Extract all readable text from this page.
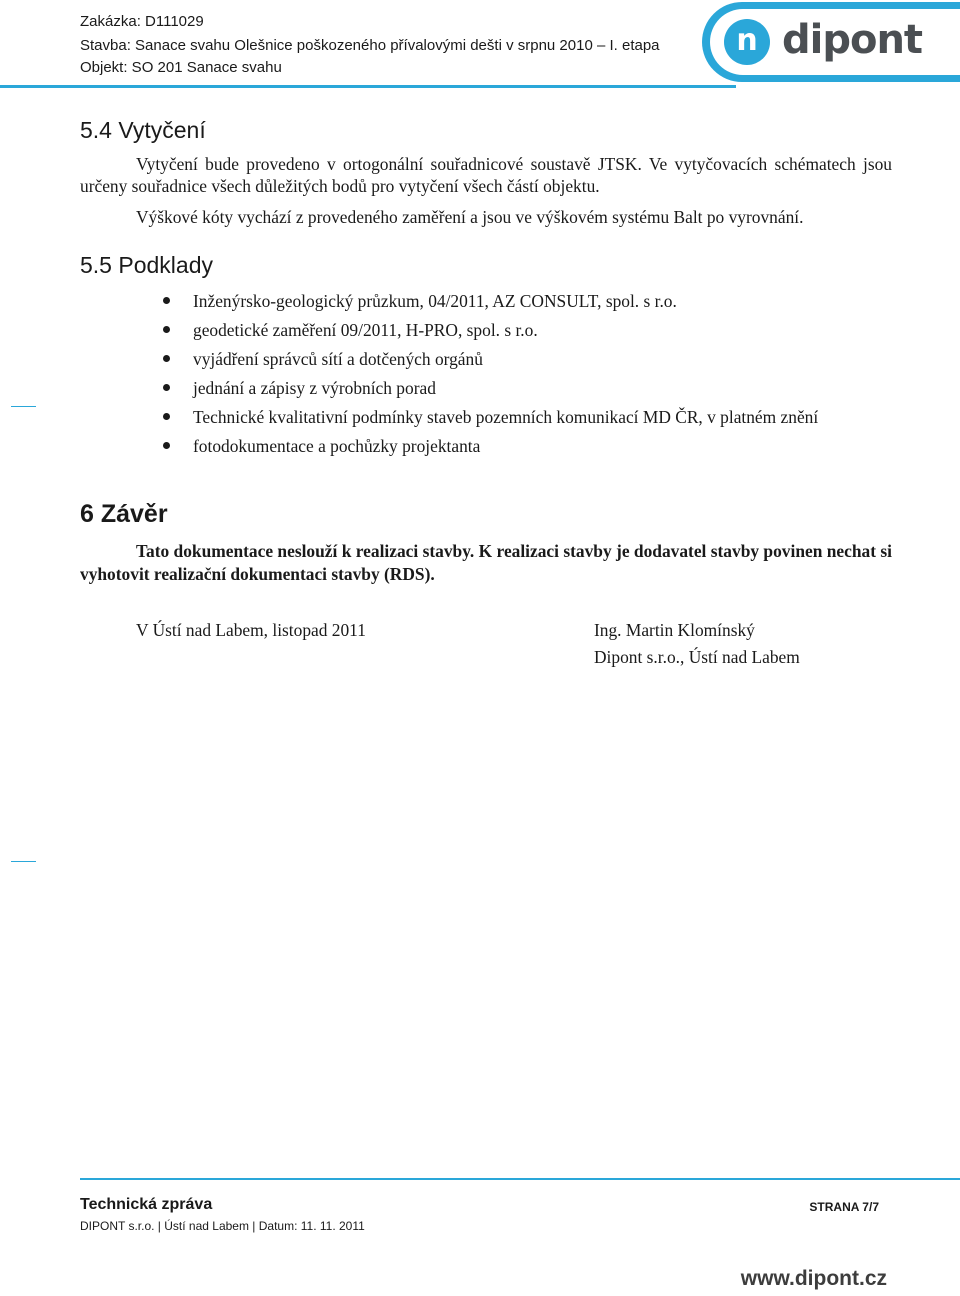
Zakázka: D111029
Stavba: Sanace svahu Olešnice poškozeného přívalovými dešti v srpnu 2010 – I. etapa
Objekt: SO 201 Sanace svahu
n dipont
5.4 Vytyčení
Vytyčení bude provedeno v ortogonální souřadnicové soustavě JTSK. Ve vytyčovacích schématech jsou určeny souřadnice všech důležitých bodů pro vytyčení všech částí objektu.
Výškové kóty vychází z provedeného zaměření a jsou ve výškovém systému Balt po vyrovnání.
5.5 Podklady
Inženýrsko-geologický průzkum, 04/2011, AZ CONSULT, spol. s r.o.
geodetické zaměření 09/2011, H-PRO, spol. s r.o.
vyjádření správců sítí a dotčených orgánů
jednání a zápisy z výrobních porad
Technické kvalitativní podmínky staveb pozemních komunikací MD ČR, v platném znění
fotodokumentace a pochůzky projektanta
6 Závěr
Tato dokumentace neslouží k realizaci stavby. K realizaci stavby je dodavatel stavby povinen nechat si vyhotovit realizační dokumentaci stavby (RDS).
V Ústí nad Labem, listopad 2011	Ing. Martin Klomínský
Dipont s.r.o., Ústí nad Labem
Technická zpráva	STRANA 7/7
DIPONT s.r.o. | Ústí nad Labem | Datum: 11. 11. 2011
www.dipont.cz
